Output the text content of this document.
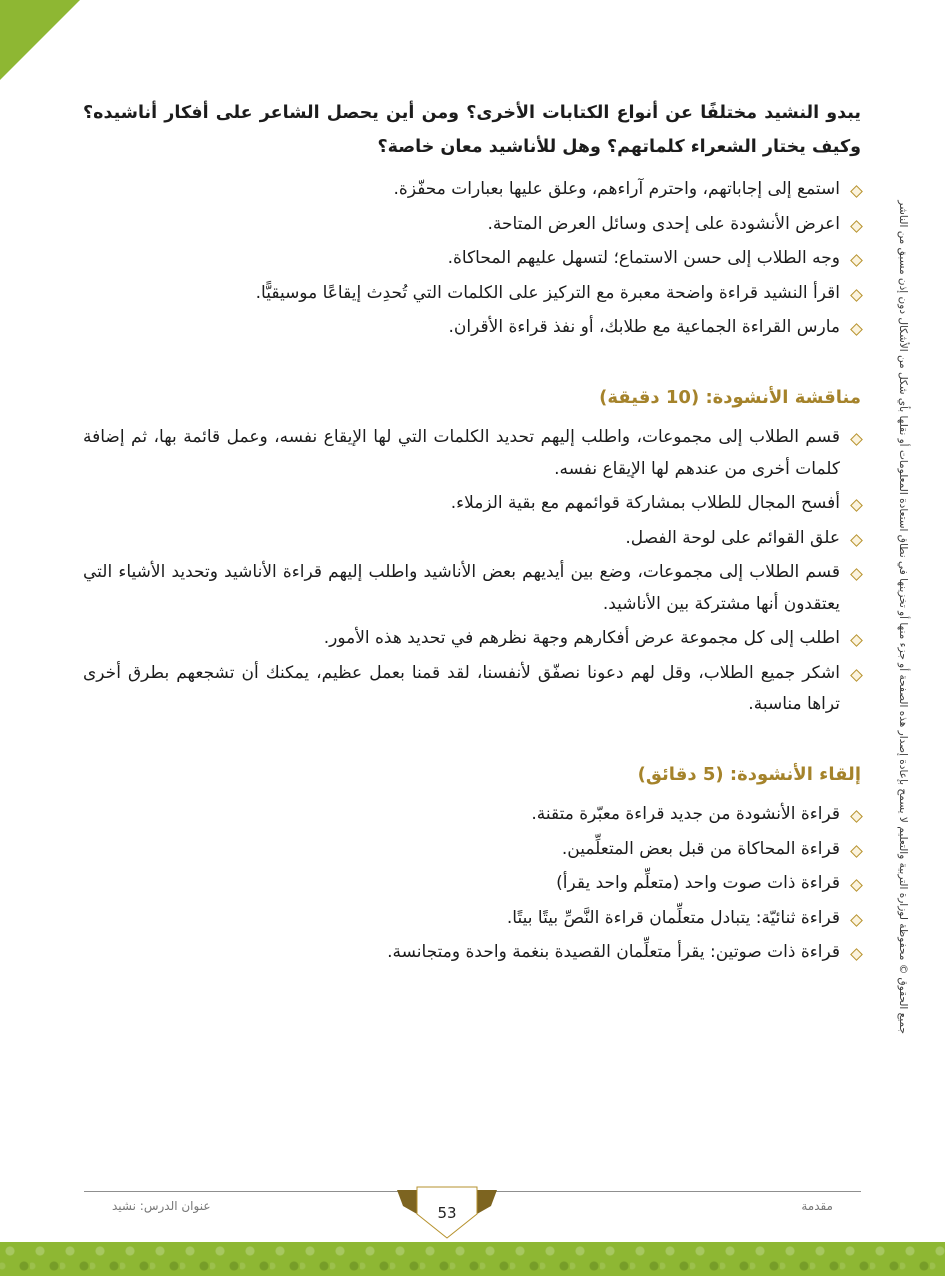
يبدو النشيد مختلفًا عن أنواع الكتابات الأخرى؟ ومن أين يحصل الشاعر على أفكار أناشيده؟ وكيف يختار الشعراء كلماتهم؟ وهل للأناشيد معان خاصة؟

استمع إلى إجاباتهم، واحترم آراءهم، وعلق عليها بعبارات محفّزة.
اعرض الأنشودة على إحدى وسائل العرض المتاحة.
وجه الطلاب إلى حسن الاستماع؛ لتسهل عليهم المحاكاة.
اقرأ النشيد قراءة واضحة معبرة مع التركيز على الكلمات التي تُحدِث إيقاعًا موسيقيًّا.
مارس القراءة الجماعية مع طلابك، أو نفذ قراءة الأقران.
مناقشة الأنشودة: (10 دقيقة)
قسم الطلاب إلى مجموعات، واطلب إليهم تحديد الكلمات التي لها الإيقاع نفسه، وعمل قائمة بها، ثم إضافة كلمات أخرى من عندهم لها الإيقاع نفسه.
أفسح المجال للطلاب بمشاركة قوائمهم مع بقية الزملاء.
علق القوائم على لوحة الفصل.
قسم الطلاب إلى مجموعات، وضع بين أيديهم بعض الأناشيد واطلب إليهم قراءة الأناشيد وتحديد الأشياء التي يعتقدون أنها مشتركة بين الأناشيد.
اطلب إلى كل مجموعة عرض أفكارهم وجهة نظرهم في تحديد هذه الأمور.
اشكر جميع الطلاب، وقل لهم دعونا نصفّق لأنفسنا، لقد قمنا بعمل عظيم، يمكنك أن تشجعهم بطرق أخرى تراها مناسبة.
إلقاء الأنشودة: (5 دقائق)
قراءة الأنشودة من جديد قراءة معبّرة متقنة.
قراءة المحاكاة من قبل بعض المتعلِّمين.
قراءة ذات صوت واحد (متعلِّم واحد يقرأ)
قراءة ثنائيّة: يتبادل متعلِّمان قراءة النَّصِّ بيتًا بيتًا.
قراءة ذات صوتين: يقرأ متعلِّمان القصيدة بنغمة واحدة ومتجانسة.	جميع الحقوق © محفوظة لوزارة التربية والتعليم لا يسمح بإعادة إصدار هذه الصفحة أو جزء منها أو تخزينها في نطاق استعادة المعلومات أو نقلها بأي شكل من الأشكال دون إذن مسبق من الناشر
عنوان الدرس: نشيد	مقدمة
53
